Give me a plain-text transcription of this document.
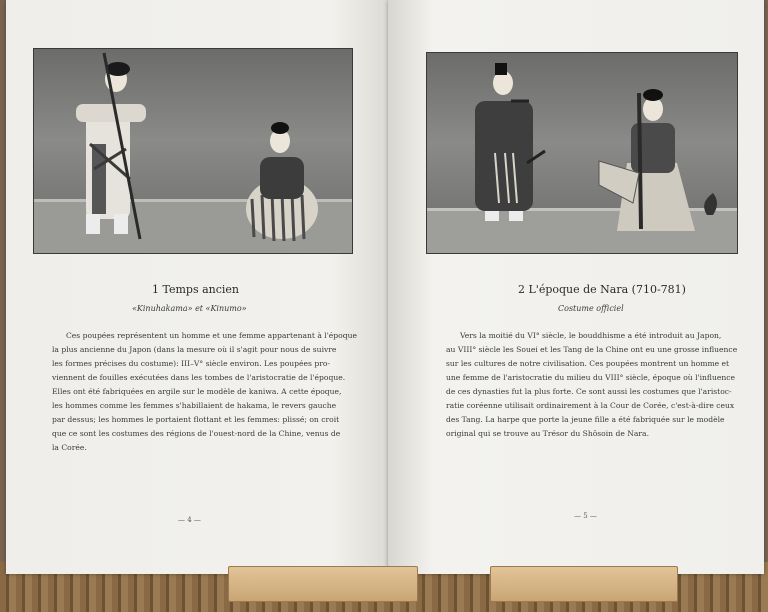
1 Temps ancien
«Kinuhakama» et «Kinumo»

Ces poupées représentent un homme et une femme appartenant à l'époque

la plus ancienne du Japon (dans la mesure où il s'agit pour nous de suivre

les formes précises du costume): III–V° siècle environ. Les poupées pro-

viennent de fouilles exécutées dans les tombes de l'aristocratie de l'époque.

Elles ont été fabriquées en argile sur le modèle de kaniwa. A cette époque,

les hommes comme les femmes s'habillaient de hakama, le revers gauche

par dessus; les hommes le portaient flottant et les femmes: plissé; on croit

que ce sont les costumes des régions de l'ouest-nord de la Chine, venus de

la Corée.

— 4 —
2 L'époque de Nara (710-781)
Costume officiel

Vers la moitié du VI° siècle, le bouddhisme a été introduit au Japon,

au VIII° siècle les Souei et les Tang de la Chine ont eu une grosse influence

sur les cultures de notre civilisation. Ces poupées montrent un homme et

une femme de l'aristocratie du milieu du VIII° siècle, époque où l'influence

de ces dynasties fut la plus forte. Ce sont aussi les costumes que l'aristoc-

ratie coréenne utilisait ordinairement à la Cour de Corée, c'est-à-dire ceux

des Tang. La harpe que porte la jeune fille a été fabriquée sur le modèle

original qui se trouve au Trésor du Shôsoin de Nara.

— 5 —
